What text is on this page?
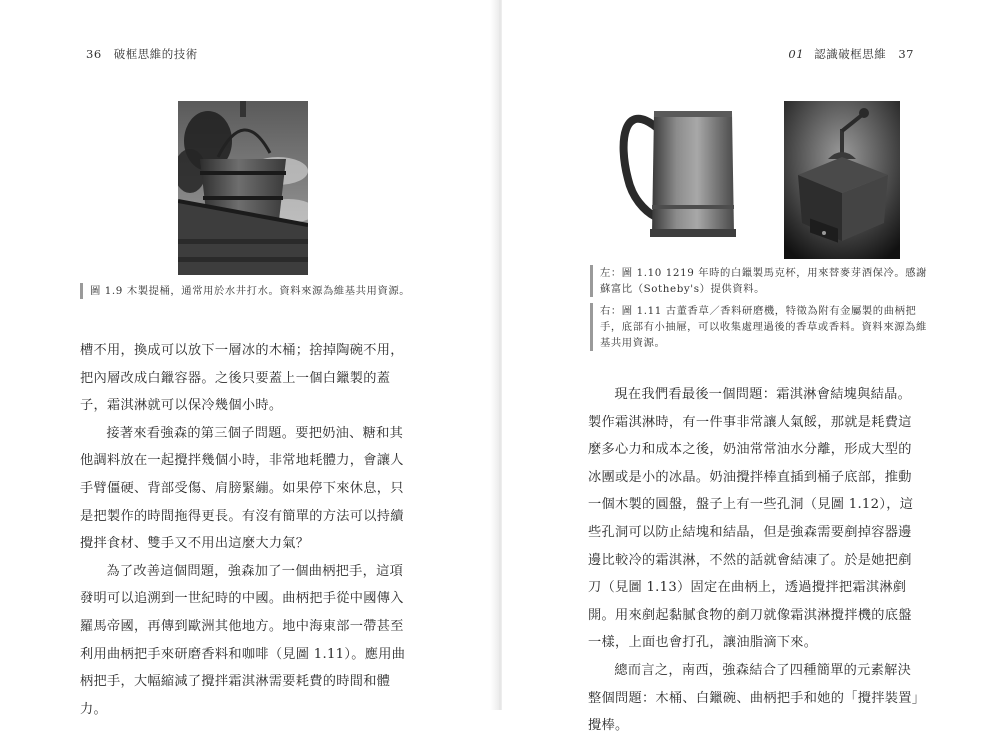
36 破框思維的技術

圖 1.9 木製提桶，通常用於水井打水。資料來源為維基共用資源。

槽不用，換成可以放下一層冰的木桶；捨掉陶碗不用，把內層改成白鑞容器。之後只要蓋上一個白鑞製的蓋子，霜淇淋就可以保冷幾個小時。

接著來看強森的第三個子問題。要把奶油、糖和其他調料放在一起攪拌幾個小時，非常地耗體力，會讓人手臂僵硬、背部受傷、肩膀緊繃。如果停下來休息，只是把製作的時間拖得更長。有沒有簡單的方法可以持續攪拌食材、雙手又不用出這麼大力氣？

為了改善這個問題，強森加了一個曲柄把手，這項發明可以追溯到一世紀時的中國。曲柄把手從中國傳入羅馬帝國，再傳到歐洲其他地方。地中海東部一帶甚至利用曲柄把手來研磨香料和咖啡（見圖 1.11）。應用曲柄把手，大幅縮減了攪拌霜淇淋需要耗費的時間和體力。

01 認識破框思維 37

左：圖 1.10 1219 年時的白鑞製馬克杯，用來替麥芽酒保冷。感謝蘇富比（Sotheby's）提供資料。

右：圖 1.11 古董香草／香料研磨機，特徵為附有金屬製的曲柄把手，底部有小抽屜，可以收集處理過後的香草或香料。資料來源為維基共用資源。

現在我們看最後一個問題：霜淇淋會結塊與結晶。製作霜淇淋時，有一件事非常讓人氣餒，那就是耗費這麼多心力和成本之後，奶油常常油水分離，形成大型的冰團或是小的冰晶。奶油攪拌棒直插到桶子底部，推動一個木製的圓盤，盤子上有一些孔洞（見圖 1.12），這些孔洞可以防止結塊和結晶，但是強森需要剷掉容器邊邊比較冷的霜淇淋，不然的話就會結凍了。於是她把剷刀（見圖 1.13）固定在曲柄上，透過攪拌把霜淇淋剷開。用來剷起黏膩食物的剷刀就像霜淇淋攪拌機的底盤一樣，上面也會打孔，讓油脂滴下來。

總而言之，南西，強森結合了四種簡單的元素解決整個問題：木桶、白鑞碗、曲柄把手和她的「攪拌裝置」攪棒。
